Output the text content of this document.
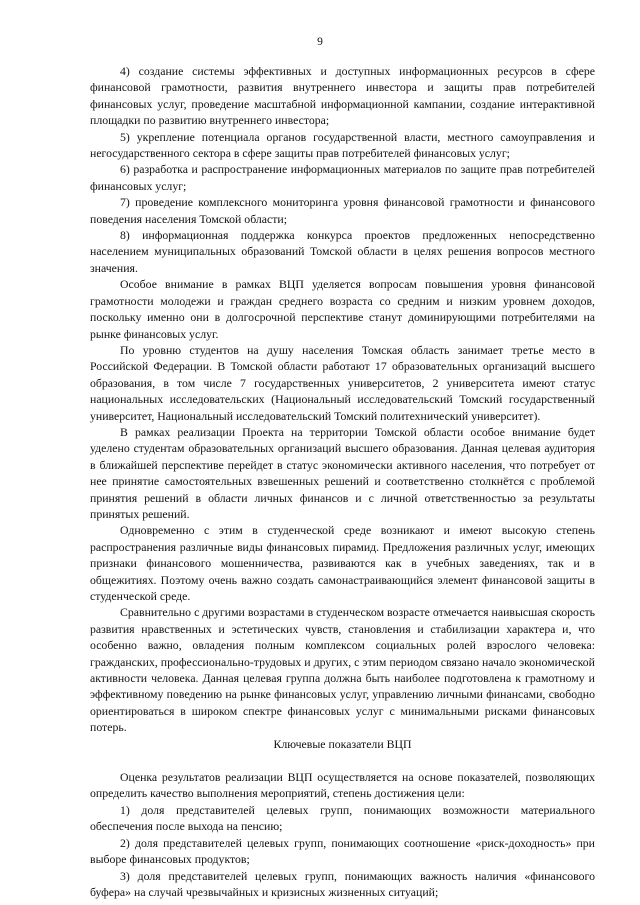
9

4) создание системы эффективных и доступных информационных ресурсов в сфере финансовой грамотности, развития внутреннего инвестора и защиты прав потребителей финансовых услуг, проведение масштабной информационной кампании, создание интерактивной площадки по развитию внутреннего инвестора;

5) укрепление потенциала органов государственной власти, местного самоуправления и негосударственного сектора в сфере защиты прав потребителей финансовых услуг;

6) разработка и распространение информационных материалов по защите прав потребителей финансовых услуг;

7) проведение комплексного мониторинга уровня финансовой грамотности и финансового поведения населения Томской области;

8) информационная поддержка конкурса проектов предложенных непосредственно населением муниципальных образований Томской области в целях решения вопросов местного значения.

Особое внимание в рамках ВЦП уделяется вопросам повышения уровня финансовой грамотности молодежи и граждан среднего возраста со средним и низким уровнем доходов, поскольку именно они в долгосрочной перспективе станут доминирующими потребителями на рынке финансовых услуг.

По уровню студентов на душу населения Томская область занимает третье место в Российской Федерации. В Томской области работают 17 образовательных организаций высшего образования, в том числе 7 государственных университетов, 2 университета имеют статус национальных исследовательских (Национальный исследовательский Томский государственный университет, Национальный исследовательский Томский политехнический университет).

В рамках реализации Проекта на территории Томской области особое внимание будет уделено студентам образовательных организаций высшего образования. Данная целевая аудитория в ближайшей перспективе перейдет в статус экономически активного населения, что потребует от нее принятие самостоятельных взвешенных решений и соответственно столкнётся с проблемой принятия решений в области личных финансов и с личной ответственностью за результаты принятых решений.

Одновременно с этим в студенческой среде возникают и имеют высокую степень распространения различные виды финансовых пирамид. Предложения различных услуг, имеющих признаки финансового мошенничества, развиваются как в учебных заведениях, так и в общежитиях. Поэтому очень важно создать самонастраивающийся элемент финансовой защиты в студенческой среде.

Сравнительно с другими возрастами в студенческом возрасте отмечается наивысшая скорость развития нравственных и эстетических чувств, становления и стабилизации характера и, что особенно важно, овладения полным комплексом социальных ролей взрослого человека: гражданских, профессионально-трудовых и других, с этим периодом связано начало экономической активности человека. Данная целевая группа должна быть наиболее подготовлена к грамотному и эффективному поведению на рынке финансовых услуг, управлению личными финансами, свободно ориентироваться в широком спектре финансовых услуг с минимальными рисками финансовых потерь.

Ключевые показатели ВЦП

Оценка результатов реализации ВЦП осуществляется на основе показателей, позволяющих определить качество выполнения мероприятий, степень достижения цели:

1) доля представителей целевых групп, понимающих возможности материального обеспечения после выхода на пенсию;

2) доля представителей целевых групп, понимающих соотношение «риск-доходность» при выборе финансовых продуктов;

3) доля представителей целевых групп, понимающих важность наличия «финансового буфера» на случай чрезвычайных и кризисных жизненных ситуаций;
